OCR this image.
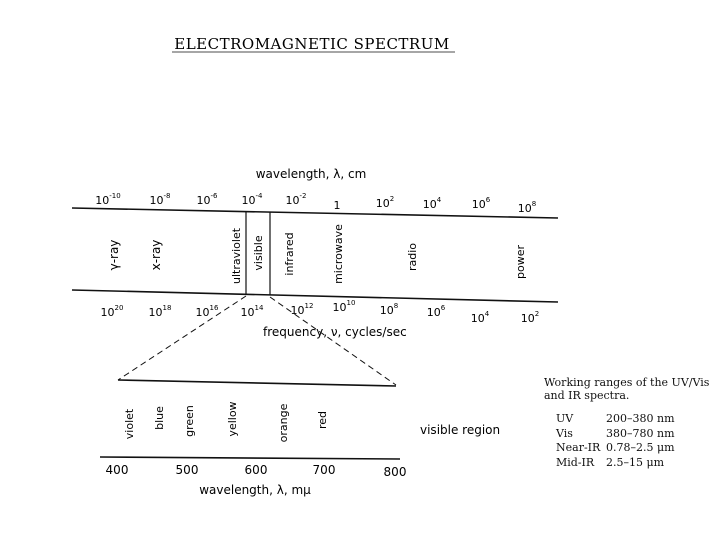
ELECTROMAGNETIC SPECTRUM
wavelength, λ, cm
$10^{-10}$	$10^{-8}$ $10^{-6}$ $10^{-4}$ $10^{-2}$
1	$10^2$	$10^4$	$10^6$
$10^8$
γ-ray x-ray	ultraviolet visible infrared	microwave	radio	power
$10^{20}$ $10^{18}$ $10^{16}$ $10^{14}$ $10^{12}$ $10^{10}$
$10^8$	$10^6$
$10^4$	$10^2$
frequency, ν, cycles/sec
violet blue green	yellow	orange red
visible region
400	500	600	700	800
wavelength, λ, mμ
Working ranges of the UV/Vis and IR spectra.
UV	200–380 nm
Vis	380–780 nm
Near-IR	0.78–2.5 μm
Mid-IR	2.5–15 μm
